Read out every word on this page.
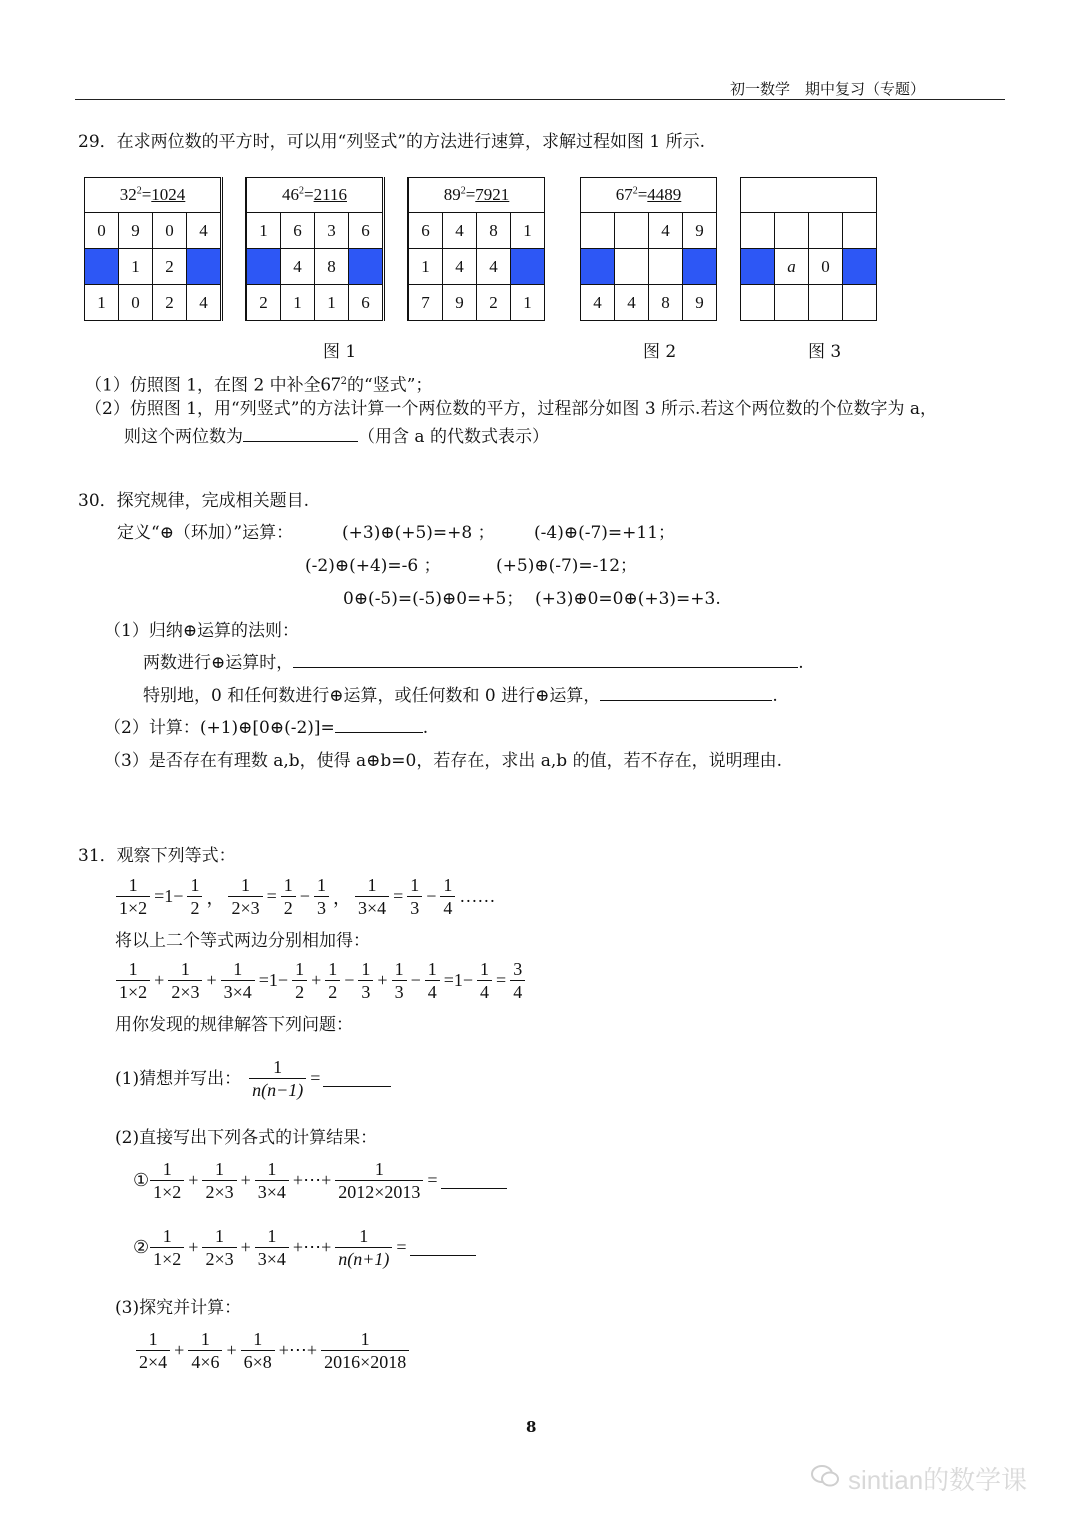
初一数学　期中复习（专题）
29．在求两位数的平方时，可以用“列竖式”的方法进行速算，求解过程如图 1 所示.
$32^2=1024$			
0	9	0	4
	1	2	
1	0	2	4
$46^2=2116$			
1	6	3	6
	4	8	
2	1	1	6
$89^2=7921$			
6	4	8	1
1	4	4	
7	9	2	1
$67^2=4489$			
		4	9

4	4	8	9

	a	0	

图 1	图 2	图 3
（1）仿照图 1，在图 2 中补全$67^2$的“竖式”；
（2）仿照图 1，用“列竖式”的方法计算一个两位数的平方，过程部分如图 3 所示.若这个两位数的个位数字为 a，
则这个两位数为	（用含 a 的代数式表示）
30．探究规律，完成相关题目.
定义“⊕（环加）”运算：	(+3)⊕(+5)=+8 ； (-4)⊕(-7)=+11；
(-2)⊕(+4)=-6 ；	(+5)⊕(-7)=-12；
0⊕(-5)=(-5)⊕0=+5； (+3)⊕0=0⊕(+3)=+3.
（1）归纳⊕运算的法则：
两数进行⊕运算时，	.
特别地，0 和任何数进行⊕运算，或任何数和 0 进行⊕运算，	.
（2）计算：(+1)⊕[0⊕(-2)]=	.
（3）是否存在有理数 a,b，使得 a⊕b=0，若存在，求出 a,b 的值，若不存在，说明理由.
31．观察下列等式：
$\frac{1}{1\times 2} =1- \frac{1}{2}$ ， $\frac{1}{2\times 3} = \frac{1}{2} - \frac{1}{3}$ ， $\frac{1}{3\times 4} = \frac{1}{3} - \frac{1}{4}$ ……
将以上二个等式两边分别相加得：
$\frac{1}{1\times 2} + \frac{1}{2\times 3} + \frac{1}{3\times 4} =1- \frac{1}{2} + \frac{1}{2} - \frac{1}{3} + \frac{1}{3} - \frac{1}{4} =1- \frac{1}{4} = \frac{3}{4}$
用你发现的规律解答下列问题：
(1)猜想并写出： $\frac{1}{n(n-1)}$ =
(2)直接写出下列各式的计算结果：
① $\frac{1}{1\times 2} + \frac{1}{2\times 3} + \frac{1}{3\times 4}$ +⋯+ $\frac{1}{2012\times 2013}$ =
② $\frac{1}{1\times 2} + \frac{1}{2\times 3} + \frac{1}{3\times 4}$ +⋯+ $\frac{1}{n(n+1)}$ =
(3)探究并计算：
$\frac{1}{2\times 4} + \frac{1}{4\times 6} + \frac{1}{6\times 8}$ +⋯+ $\frac{1}{2016\times 2018}$
8
sintian的数学课
